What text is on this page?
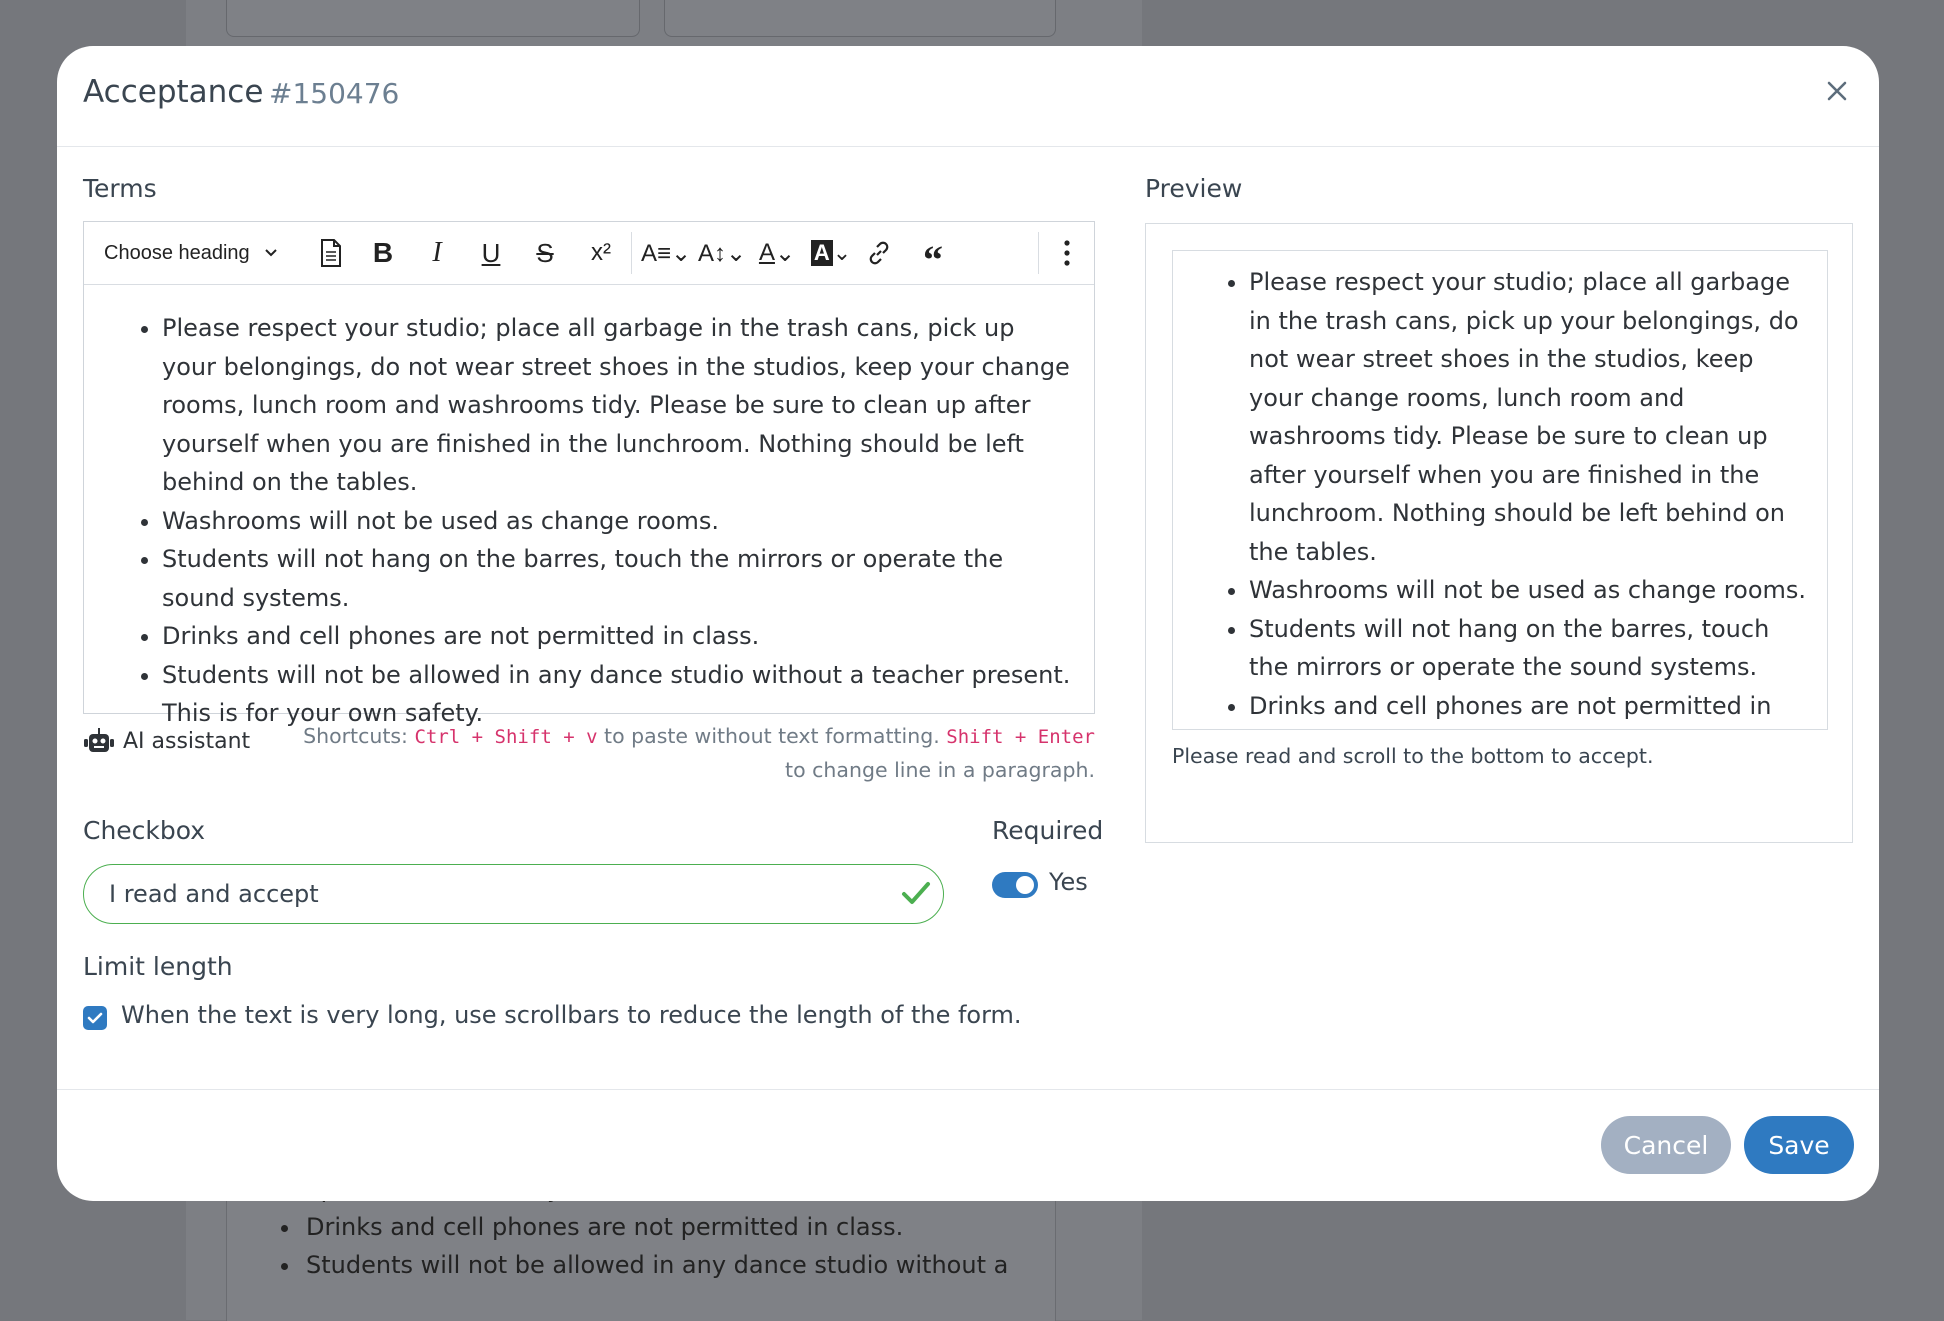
• Drinks and cell phones are not permitted in class.
• Students will not be allowed in any dance studio without a
Acceptance #150476
Terms
Choose heading	B I U S x² A≡⌄ A↕⌄ A ⌄ A ⌄ “
• Please respect your studio; place all garbage in the trash cans, pick up your belongings, do not wear street shoes in the studios, keep your change rooms, lunch room and washrooms tidy. Please be sure to clean up after yourself when you are finished in the lunchroom. Nothing should be left behind on the tables.
• Washrooms will not be used as change rooms.
• Students will not hang on the barres, touch the mirrors or operate the sound systems.
• Drinks and cell phones are not permitted in class.
• Students will not be allowed in any dance studio without a teacher present. This is for your own safety.
AI assistant	Shortcuts: Ctrl + Shift + v to paste without text formatting. Shift + Enter to change line in a paragraph.
Checkbox
I read and accept
Required
Yes
Limit length
When the text is very long, use scrollbars to reduce the length of the form.
Preview
• Please respect your studio; place all garbage in the trash cans, pick up your belongings, do not wear street shoes in the studios, keep your change rooms, lunch room and washrooms tidy. Please be sure to clean up after yourself when you are finished in the lunchroom. Nothing should be left behind on the tables.
• Washrooms will not be used as change rooms.
• Students will not hang on the barres, touch the mirrors or operate the sound systems.
• Drinks and cell phones are not permitted in
Please read and scroll to the bottom to accept.
Cancel	Save
